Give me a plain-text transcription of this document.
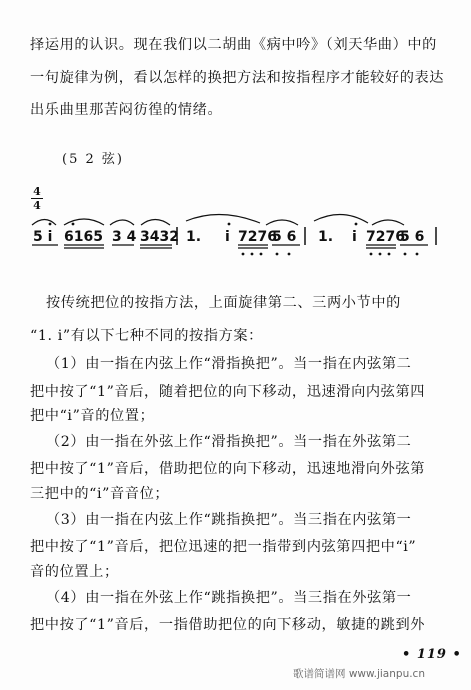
择运用的认识。现在我们以二胡曲《病中吟》（刘天华曲）中的
一句旋律为例，看以怎样的换把方法和按指程序才能较好的表达
出乐曲里那苦闷彷徨的情绪。
(5 2 弦)
4
4
5 i 6165 3 4 3432 1. i 7276
5 6 1. i 7276
5 6
按传统把位的按指方法，上面旋律第二、三两小节中的
“1. i”有以下七种不同的按指方案：
（1）由一指在内弦上作“滑指换把”。当一指在内弦第二
把中按了“1”音后，随着把位的向下移动，迅速滑向内弦第四
把中“i”音的位置；
（2）由一指在外弦上作“滑指换把”。当一指在外弦第二
把中按了“1”音后，借助把位的向下移动，迅速地滑向外弦第
三把中的“i”音音位；
（3）由一指在内弦上作“跳指换把”。当三指在内弦第一
把中按了“1”音后，把位迅速的把一指带到内弦第四把中“i”
音的位置上；
（4）由一指在外弦上作“跳指换把”。当三指在外弦第一
把中按了“1”音后，一指借助把位的向下移动，敏捷的跳到外
• 119 •
歌谱简谱网 www.jianpu.cn
